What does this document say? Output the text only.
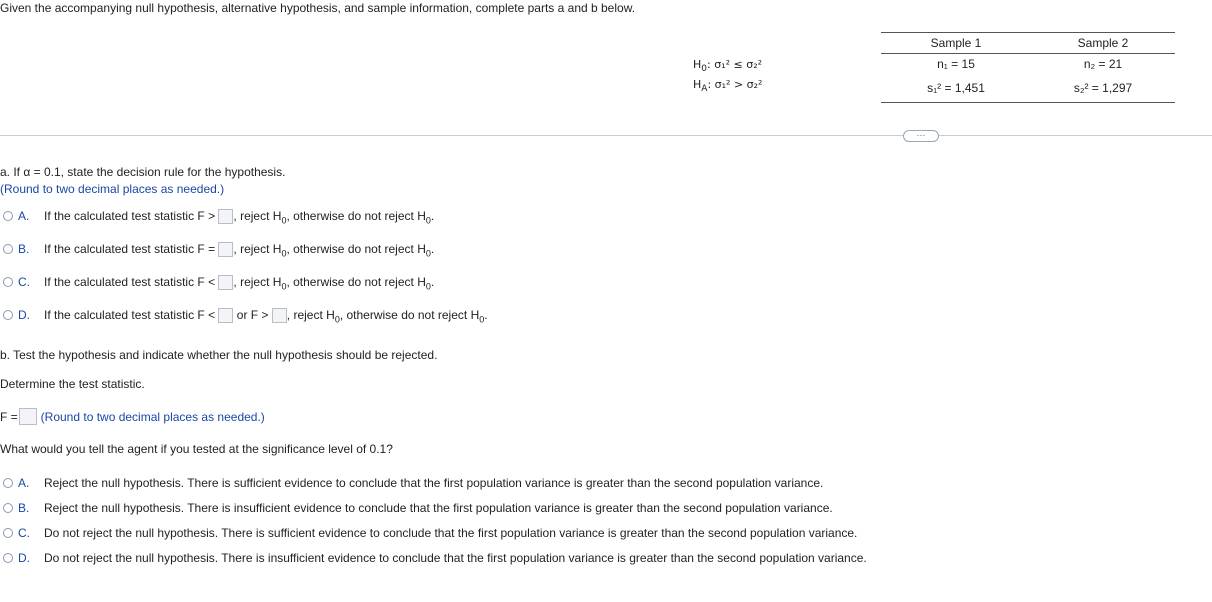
Given the accompanying null hypothesis, alternative hypothesis, and sample information, complete parts a and b below.
$H_0$: σ₁² ≤ σ₂²
$H_A$: σ₁² > σ₂²
Sample 1	Sample 2
n₁ = 15	n₂ = 21
s₁² = 1,451	s₂² = 1,297
···
a. If α = 0.1, state the decision rule for the hypothesis.
(Round to two decimal places as needed.)
A. If the calculated test statistic F > , reject $H_0$, otherwise do not reject $H_0$.
B. If the calculated test statistic F = , reject $H_0$, otherwise do not reject $H_0$.
C. If the calculated test statistic F < , reject $H_0$, otherwise do not reject $H_0$.
D. If the calculated test statistic F < or F > , reject $H_0$, otherwise do not reject $H_0$.
b. Test the hypothesis and indicate whether the null hypothesis should be rejected.
Determine the test statistic.
F = (Round to two decimal places as needed.)
What would you tell the agent if you tested at the significance level of 0.1?
A. Reject the null hypothesis. There is sufficient evidence to conclude that the first population variance is greater than the second population variance.
B. Reject the null hypothesis. There is insufficient evidence to conclude that the first population variance is greater than the second population variance.
C. Do not reject the null hypothesis. There is sufficient evidence to conclude that the first population variance is greater than the second population variance.
D. Do not reject the null hypothesis. There is insufficient evidence to conclude that the first population variance is greater than the second population variance.
